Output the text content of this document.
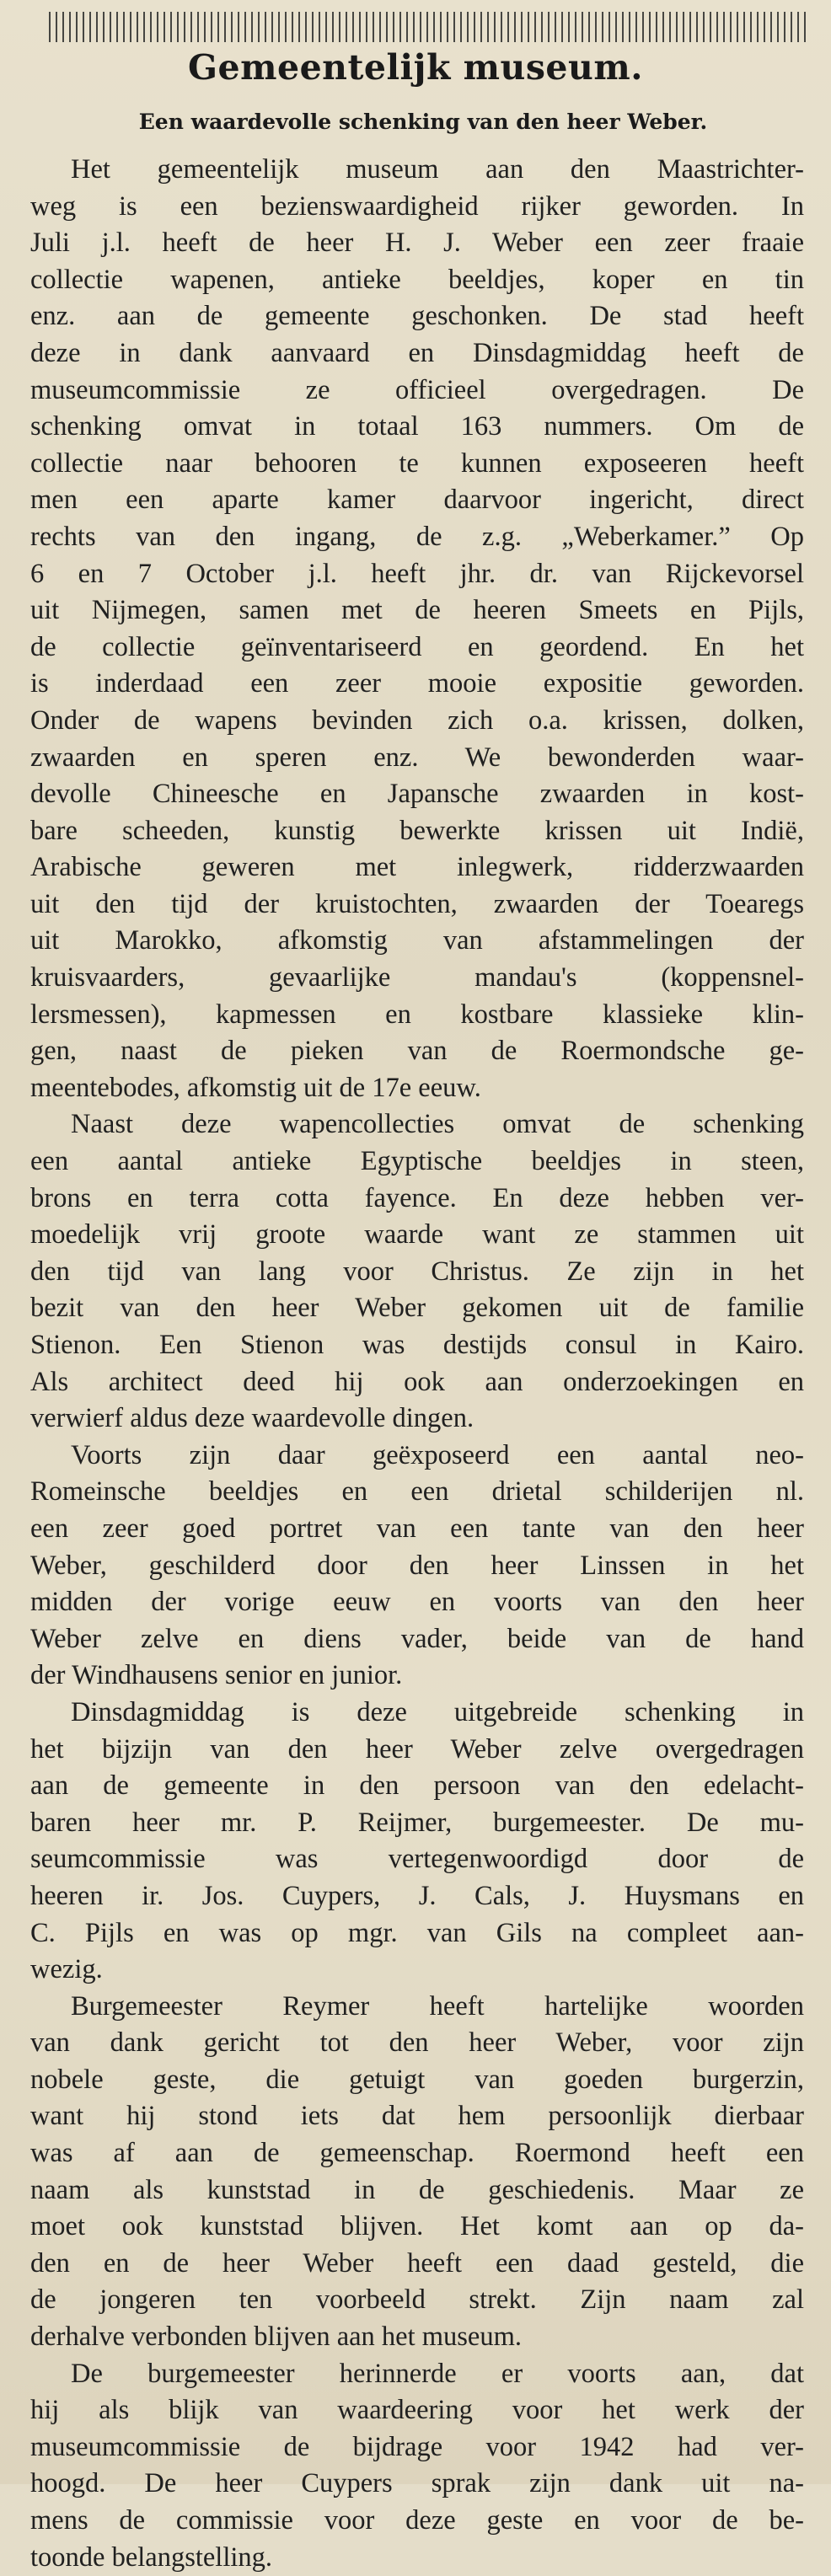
Gemeentelijk museum.
Een waardevolle schenking van den heer Weber.
Het gemeentelijk museum aan den Maastrichter-
weg is een bezienswaardigheid rijker geworden. In
Juli j.l. heeft de heer H. J. Weber een zeer fraaie
collectie wapenen, antieke beeldjes, koper en tin
enz. aan de gemeente geschonken. De stad heeft
deze in dank aanvaard en Dinsdagmiddag heeft de
museumcommissie ze officieel overgedragen. De
schenking omvat in totaal 163 nummers. Om de
collectie naar behooren te kunnen exposeeren heeft
men een aparte kamer daarvoor ingericht, direct
rechts van den ingang, de z.g. „Weberkamer.” Op
6 en 7 October j.l. heeft jhr. dr. van Rijckevorsel
uit Nijmegen, samen met de heeren Smeets en Pijls,
de collectie geïnventariseerd en geordend. En het
is inderdaad een zeer mooie expositie geworden.
Onder de wapens bevinden zich o.a. krissen, dolken,
zwaarden en speren enz. We bewonderden waar-
devolle Chineesche en Japansche zwaarden in kost-
bare scheeden, kunstig bewerkte krissen uit Indië,
Arabische geweren met inlegwerk, ridderzwaarden
uit den tijd der kruistochten, zwaarden der Toearegs
uit Marokko, afkomstig van afstammelingen der
kruisvaarders, gevaarlijke mandau's (koppensnel-
lersmessen), kapmessen en kostbare klassieke klin-
gen, naast de pieken van de Roermondsche ge-
meentebodes, afkomstig uit de 17e eeuw.
Naast deze wapencollecties omvat de schenking
een aantal antieke Egyptische beeldjes in steen,
brons en terra cotta fayence. En deze hebben ver-
moedelijk vrij groote waarde want ze stammen uit
den tijd van lang voor Christus. Ze zijn in het
bezit van den heer Weber gekomen uit de familie
Stienon. Een Stienon was destijds consul in Kairo.
Als architect deed hij ook aan onderzoekingen en
verwierf aldus deze waardevolle dingen.
Voorts zijn daar geëxposeerd een aantal neo-
Romeinsche beeldjes en een drietal schilderijen nl.
een zeer goed portret van een tante van den heer
Weber, geschilderd door den heer Linssen in het
midden der vorige eeuw en voorts van den heer
Weber zelve en diens vader, beide van de hand
der Windhausens senior en junior.
Dinsdagmiddag is deze uitgebreide schenking in
het bijzijn van den heer Weber zelve overgedragen
aan de gemeente in den persoon van den edelacht-
baren heer mr. P. Reijmer, burgemeester. De mu-
seumcommissie was vertegenwoordigd door de
heeren ir. Jos. Cuypers, J. Cals, J. Huysmans en
C. Pijls en was op mgr. van Gils na compleet aan-
wezig.
Burgemeester Reymer heeft hartelijke woorden
van dank gericht tot den heer Weber, voor zijn
nobele geste, die getuigt van goeden burgerzin,
want hij stond iets dat hem persoonlijk dierbaar
was af aan de gemeenschap. Roermond heeft een
naam als kunststad in de geschiedenis. Maar ze
moet ook kunststad blijven. Het komt aan op da-
den en de heer Weber heeft een daad gesteld, die
de jongeren ten voorbeeld strekt. Zijn naam zal
derhalve verbonden blijven aan het museum.
De burgemeester herinnerde er voorts aan, dat
hij als blijk van waardeering voor het werk der
museumcommissie de bijdrage voor 1942 had ver-
hoogd. De heer Cuypers sprak zijn dank uit na-
mens de commissie voor deze geste en voor de be-
toonde belangstelling.
